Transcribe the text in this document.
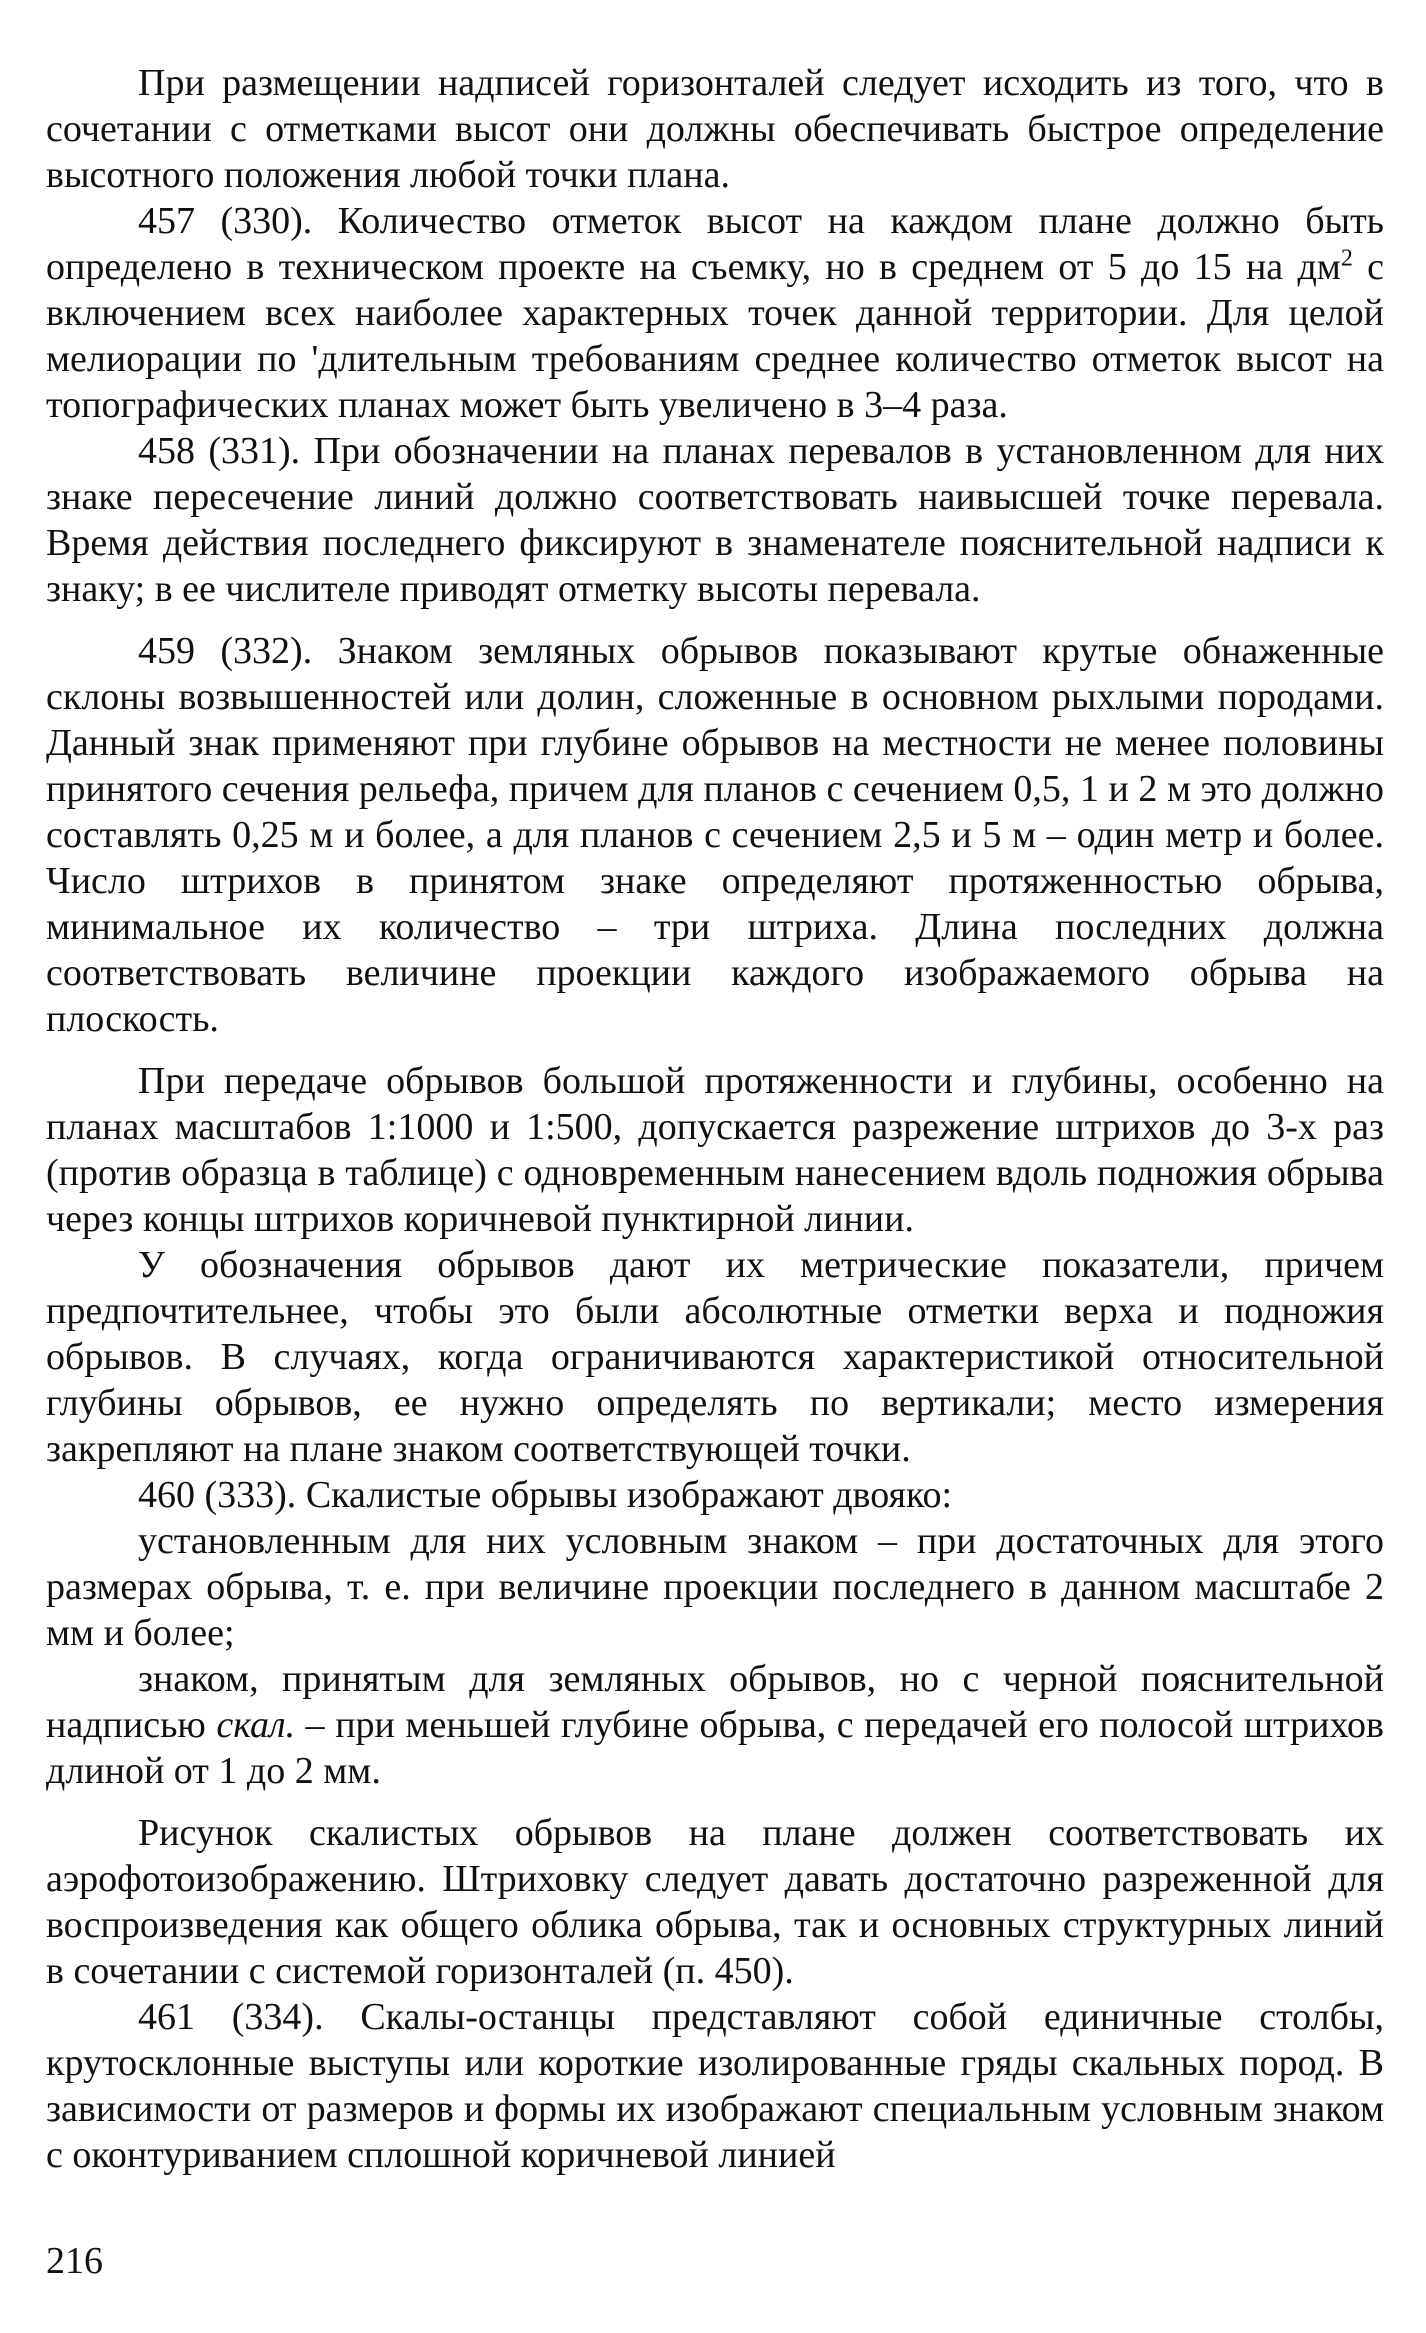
При размещении надписей горизонталей следует исходить из того, что в сочетании с отметками высот они должны обеспечивать быстрое определение высотного положения любой точки плана.

457 (330). Количество отметок высот на каждом плане должно быть определено в техническом проекте на съемку, но в среднем от 5 до 15 на $дм^2$ с включением всех наиболее характерных точек данной территории. Для целой мелиорации по 'длительным требованиям среднее количество отметок высот на топографических планах может быть увеличено в 3–4 раза.

458 (331). При обозначении на планах перевалов в установленном для них знаке пересечение линий должно соответствовать наивысшей точке перевала. Время действия последнего фиксируют в знаменателе пояснительной надписи к знаку; в ее числителе приводят отметку высоты перевала.

459 (332). Знаком земляных обрывов показывают крутые обнаженные склоны возвышенностей или долин, сложенные в основном рыхлыми породами. Данный знак применяют при глубине обрывов на местности не менее половины принятого сечения рельефа, причем для планов с сечением 0,5, 1 и 2 м это должно составлять 0,25 м и более, а для планов с сечением 2,5 и 5 м – один метр и более. Число штрихов в принятом знаке определяют протяженностью обрыва, минимальное их количество – три штриха. Длина последних должна соответствовать величине проекции каждого изображаемого обрыва на плоскость.

При передаче обрывов большой протяженности и глубины, особенно на планах масштабов 1:1000 и 1:500, допускается разрежение штрихов до 3-х раз (против образца в таблице) с одновременным нанесением вдоль подножия обрыва через концы штрихов коричневой пунктирной линии.

У обозначения обрывов дают их метрические показатели, причем предпочтительнее, чтобы это были абсолютные отметки верха и подножия обрывов. В случаях, когда ограничиваются характеристикой относительной глубины обрывов, ее нужно определять по вертикали; место измерения закрепляют на плане знаком соответствующей точки.

460 (333). Скалистые обрывы изображают двояко:

установленным для них условным знаком – при достаточных для этого размерах обрыва, т. е. при величине проекции последнего в данном масштабе 2 мм и более;

знаком, принятым для земляных обрывов, но с черной пояснительной надписью скал. – при меньшей глубине обрыва, с передачей его полосой штрихов длиной от 1 до 2 мм.

Рисунок скалистых обрывов на плане должен соответствовать их аэрофотоизображению. Штриховку следует давать достаточно разреженной для воспроизведения как общего облика обрыва, так и основных структурных линий в сочетании с системой горизонталей (п. 450).

461 (334). Скалы-останцы представляют собой единичные столбы, крутосклонные выступы или короткие изолированные гряды скальных пород. В зависимости от размеров и формы их изображают специальным условным знаком с оконтуриванием сплошной коричневой линией

216
